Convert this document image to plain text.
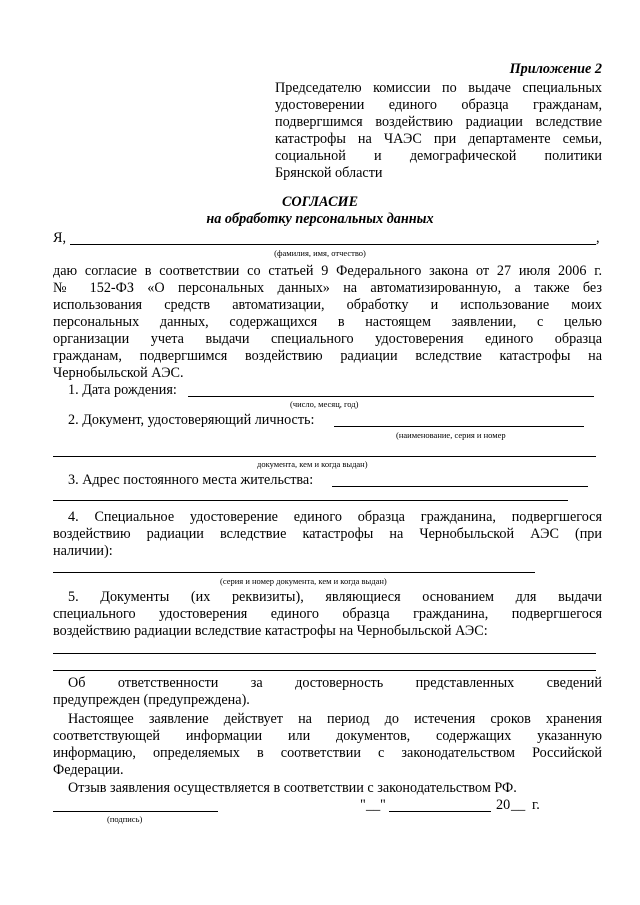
Приложение 2
Председателю комиссии по выдаче специальных
удостоверении единого образца гражданам,
подвергшимся воздействию радиации вследствие
катастрофы на ЧАЭС при департаменте семьи,
социальной и демографической политики
Брянской области
СОГЛАСИЕ
на обработку персональных данных
Я,	,
(фамилия, имя, отчество)
даю согласие в соответствии со статьей 9 Федерального закона от 27 июля 2006 г.
№ 152-ФЗ «О персональных данных» на автоматизированную, а также без
использования средств автоматизации, обработку и использование моих
персональных данных, содержащихся в настоящем заявлении, с целью
организации учета выдачи специального удостоверения единого образца
гражданам, подвергшимся воздействию радиации вследствие катастрофы на
Чернобыльской АЭС.
1. Дата рождения:
(число, месяц, год)
2. Документ, удостоверяющий личность:
(наименование, серия и номер
документа, кем и когда выдан)
3. Адрес постоянного места жительства:
4. Специальное удостоверение единого образца гражданина, подвергшегося
воздействию радиации вследствие катастрофы на Чернобыльской АЭС (при
наличии):
(серия и номер документа, кем и когда выдан)
5. Документы (их реквизиты), являющиеся основанием для выдачи
специального удостоверения единого образца гражданина, подвергшегося
воздействию радиации вследствие катастрофы на Чернобыльской АЭС:
Об ответственности за достоверность представленных сведений
предупрежден (предупреждена).
Настоящее заявление действует на период до истечения сроков хранения
соответствующей информации или документов, содержащих указанную
информацию, определяемых в соответствии с законодательством Российской
Федерации.
Отзыв заявления осуществляется в соответствии с законодательством РФ.
(подпись)
" __ "	20 __ г.
